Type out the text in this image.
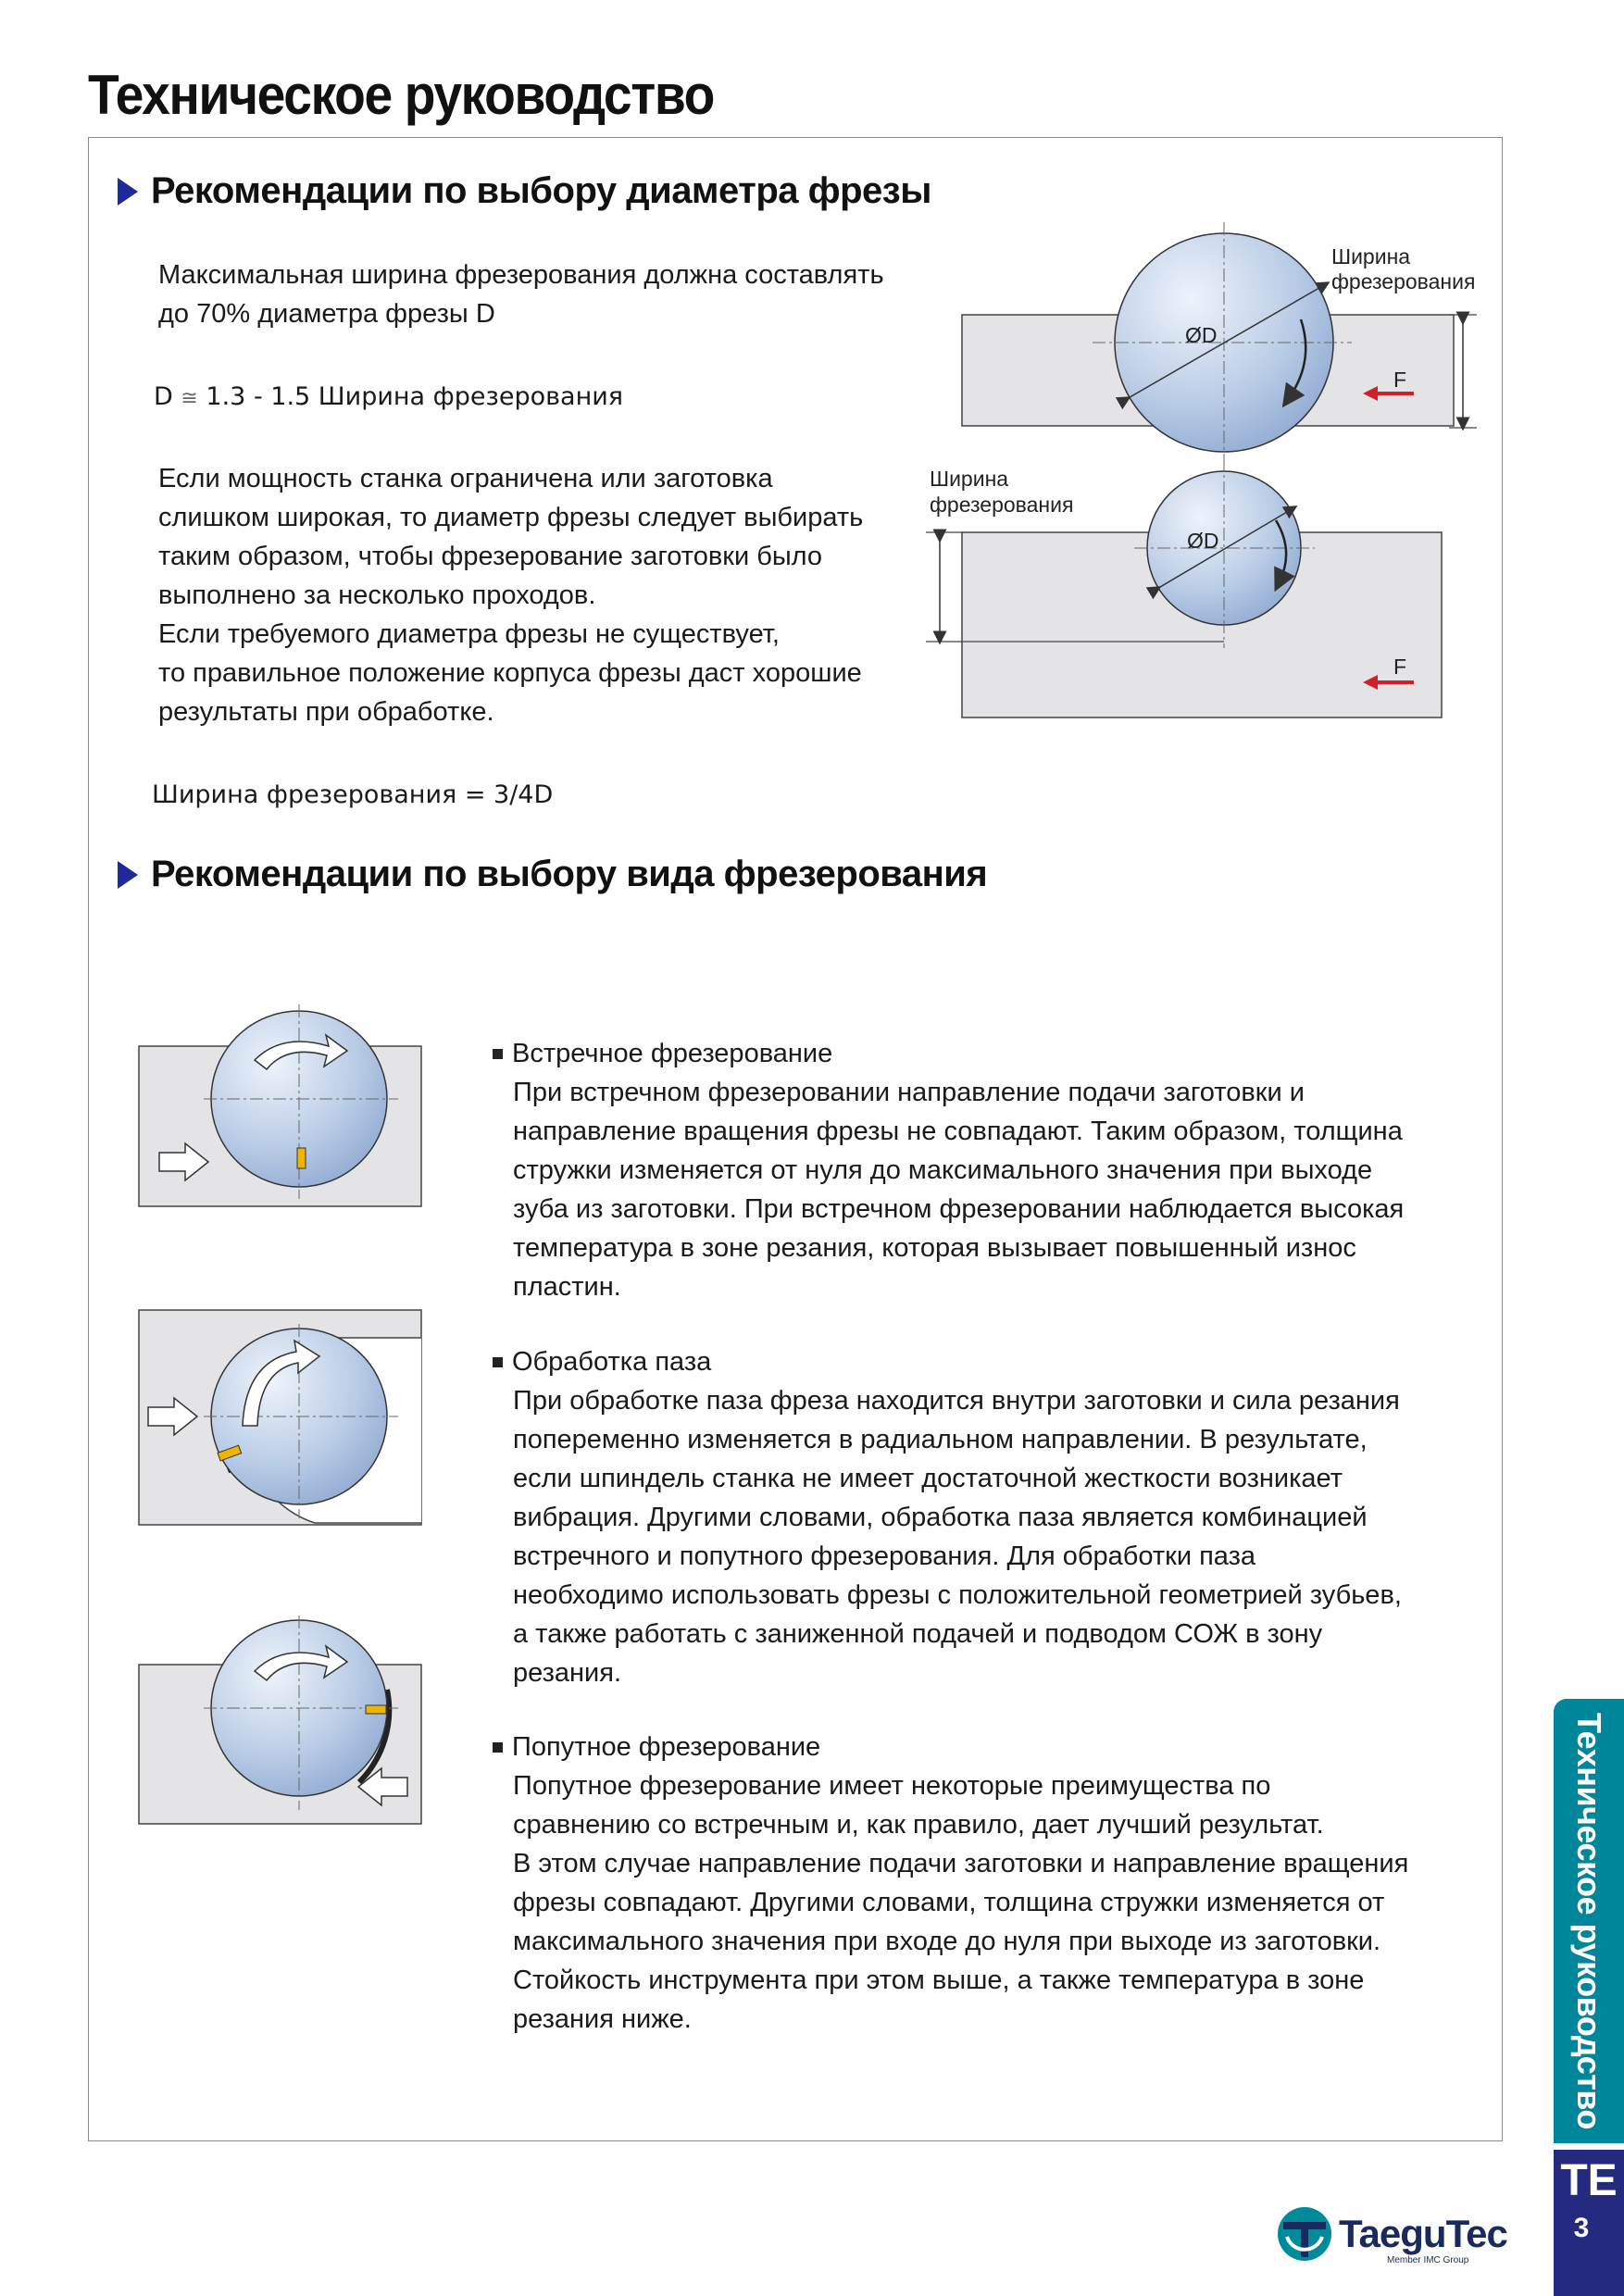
Техническое руководство
Рекомендации по выбору диаметра фрезы

Максимальная ширина фрезерования должна составлять

до 70% диаметра фрезы D

D ≅ 1.3 - 1.5 Ширина фрезерования

Если мощность станка ограничена или заготовка

слишком широкая, то диаметр фрезы следует выбирать

таким образом, чтобы фрезерование заготовки было

выполнено за несколько проходов.

Если требуемого диаметра фрезы не существует,

то правильное положение корпуса фрезы даст хорошие

результаты при обработке.

Ширина фрезерования = 3/4D
ØD
Ширина
фрезерования
F
ØD
Ширина
фрезерования
F
Рекомендации по выбору вида фрезерования
Встречное фрезерование

При встречном фрезеровании направление подачи заготовки и

направление вращения фрезы не совпадают. Таким образом, толщина

стружки изменяется от нуля до максимального значения при выходе

зуба из заготовки. При встречном фрезеровании наблюдается высокая

температура в зоне резания, которая вызывает повышенный износ

пластин.

Обработка паза

При обработке паза фреза находится внутри заготовки и сила резания

попеременно изменяется в радиальном направлении. В результате,

если шпиндель станка не имеет достаточной жесткости возникает

вибрация. Другими словами, обработка паза является комбинацией

встречного и попутного фрезерования. Для обработки паза

необходимо использовать фрезы с положительной геометрией зубьев,

а также работать с заниженной подачей и подводом СОЖ в зону

резания.

Попутное фрезерование

Попутное фрезерование имеет некоторые преимущества по

сравнению со встречным и, как правило, дает лучший результат.

В этом случае направление подачи заготовки и направление вращения

фрезы совпадают. Другими словами, толщина стружки изменяется от

максимального значения при входе до нуля при выходе из заготовки.

Стойкость инструмента при этом выше, а также температура в зоне

резания ниже.	Техническое руководство
TE
3
TaeguTec
Member IMC Group
